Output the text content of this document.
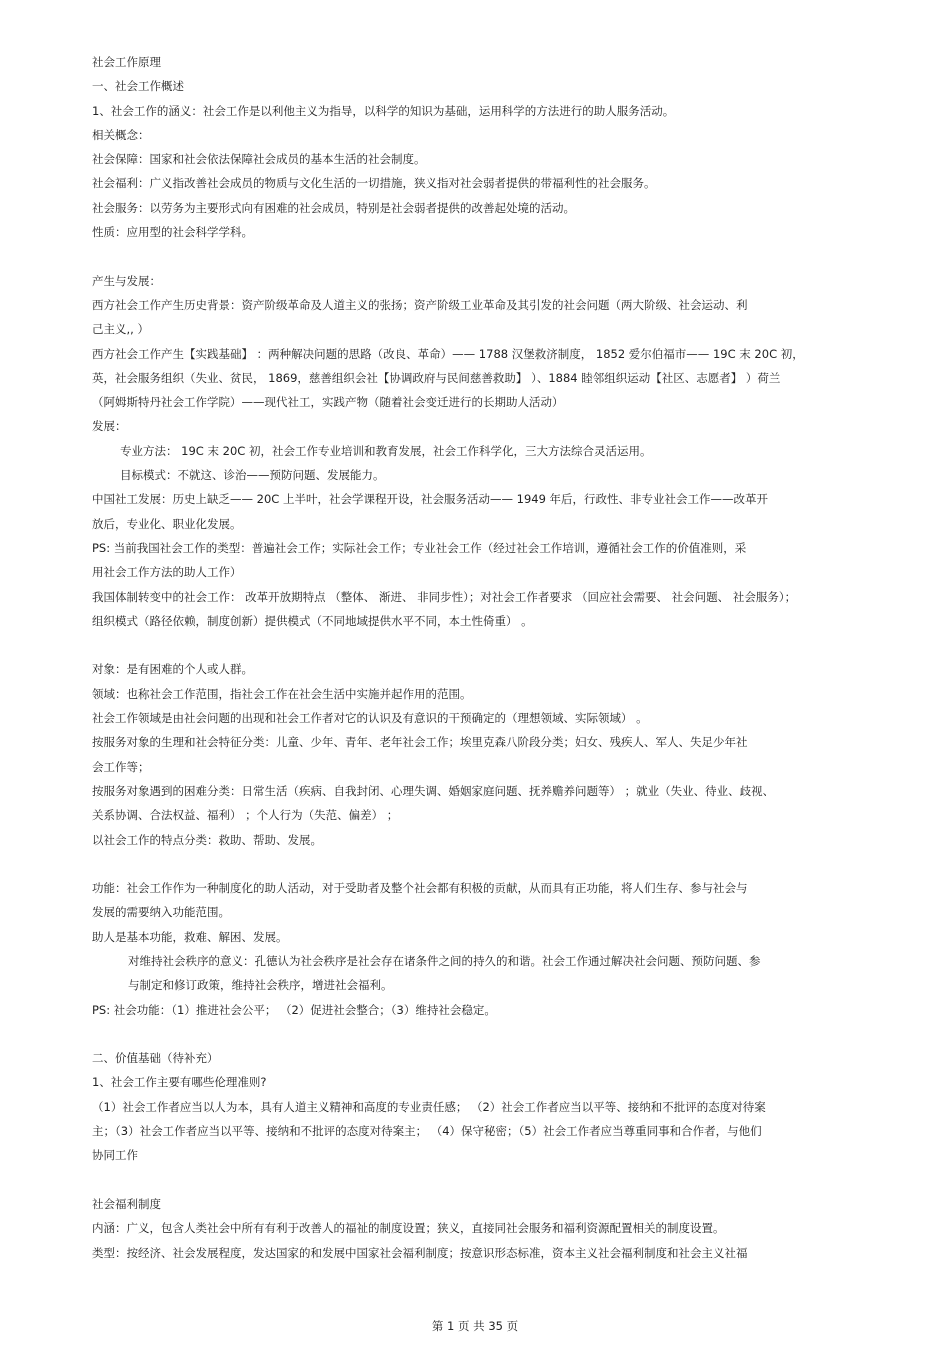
社会工作原理
一、社会工作概述
1、社会工作的涵义：社会工作是以利他主义为指导，以科学的知识为基础，运用科学的方法进行的助人服务活动。
相关概念：
社会保障：国家和社会依法保障社会成员的基本生活的社会制度。
社会福利：广义指改善社会成员的物质与文化生活的一切措施，狭义指对社会弱者提供的带福利性的社会服务。
社会服务：以劳务为主要形式向有困难的社会成员，特别是社会弱者提供的改善起处境的活动。
性质：应用型的社会科学学科。
产生与发展：
西方社会工作产生历史背景：资产阶级革命及人道主义的张扬；资产阶级工业革命及其引发的社会问题（两大阶级、社会运动、利
己主义,, ）
西方社会工作产生【实践基础】 ：两种解决问题的思路（改良、革命）—— 1788 汉堡救济制度， 1852 爱尔伯福市—— 19C 末 20C 初，
英，社会服务组织（失业、贫民， 1869，慈善组织会社【协调政府与民间慈善救助】 ）、1884 睦邻组织运动【社区、志愿者】 ）荷兰
（阿姆斯特丹社会工作学院）——现代社工，实践产物（随着社会变迁进行的长期助人活动）
发展：
专业方法： 19C 末 20C 初，社会工作专业培训和教育发展，社会工作科学化，三大方法综合灵活运用。
目标模式：不就这、诊治——预防问题、发展能力。
中国社工发展：历史上缺乏—— 20C 上半叶，社会学课程开设，社会服务活动—— 1949 年后，行政性、非专业社会工作——改革开
放后，专业化、职业化发展。
PS: 当前我国社会工作的类型：普遍社会工作；实际社会工作；专业社会工作（经过社会工作培训，遵循社会工作的价值准则，采
用社会工作方法的助人工作）
我国体制转变中的社会工作： 改革开放期特点 （整体、 渐进、 非同步性）；对社会工作者要求 （回应社会需要、 社会问题、 社会服务）；
组织模式（路径依赖，制度创新）提供模式（不同地域提供水平不同，本土性倚重） 。
对象：是有困难的个人或人群。
领域：也称社会工作范围，指社会工作在社会生活中实施并起作用的范围。
社会工作领域是由社会问题的出现和社会工作者对它的认识及有意识的干预确定的（理想领域、实际领域） 。
按服务对象的生理和社会特征分类：儿童、少年、青年、老年社会工作；埃里克森八阶段分类；妇女、残疾人、军人、失足少年社
会工作等；
按服务对象遇到的困难分类：日常生活（疾病、自我封闭、心理失调、婚姻家庭问题、抚养赡养问题等） ；就业（失业、待业、歧视、
关系协调、合法权益、福利） ；个人行为（失范、偏差） ；
以社会工作的特点分类：救助、帮助、发展。
功能：社会工作作为一种制度化的助人活动，对于受助者及整个社会都有积极的贡献，从而具有正功能，将人们生存、参与社会与
发展的需要纳入功能范围。
助人是基本功能，救难、解困、发展。
对维持社会秩序的意义：孔德认为社会秩序是社会存在诸条件之间的持久的和谐。社会工作通过解决社会问题、预防问题、参
与制定和修订政策，维持社会秩序，增进社会福利。
PS: 社会功能：（1）推进社会公平； （2）促进社会整合；（3）维持社会稳定。
二、价值基础（待补充）
1、社会工作主要有哪些伦理准则?
（1）社会工作者应当以人为本，具有人道主义精神和高度的专业责任感； （2）社会工作者应当以平等、接纳和不批评的态度对待案
主；（3）社会工作者应当以平等、接纳和不批评的态度对待案主； （4）保守秘密；（5）社会工作者应当尊重同事和合作者，与他们
协同工作
社会福利制度
内涵：广义，包含人类社会中所有有利于改善人的福祉的制度设置；狭义，直接同社会服务和福利资源配置相关的制度设置。
类型：按经济、社会发展程度，发达国家的和发展中国家社会福利制度；按意识形态标准，资本主义社会福利制度和社会主义社福
第 1 页 共 35 页
